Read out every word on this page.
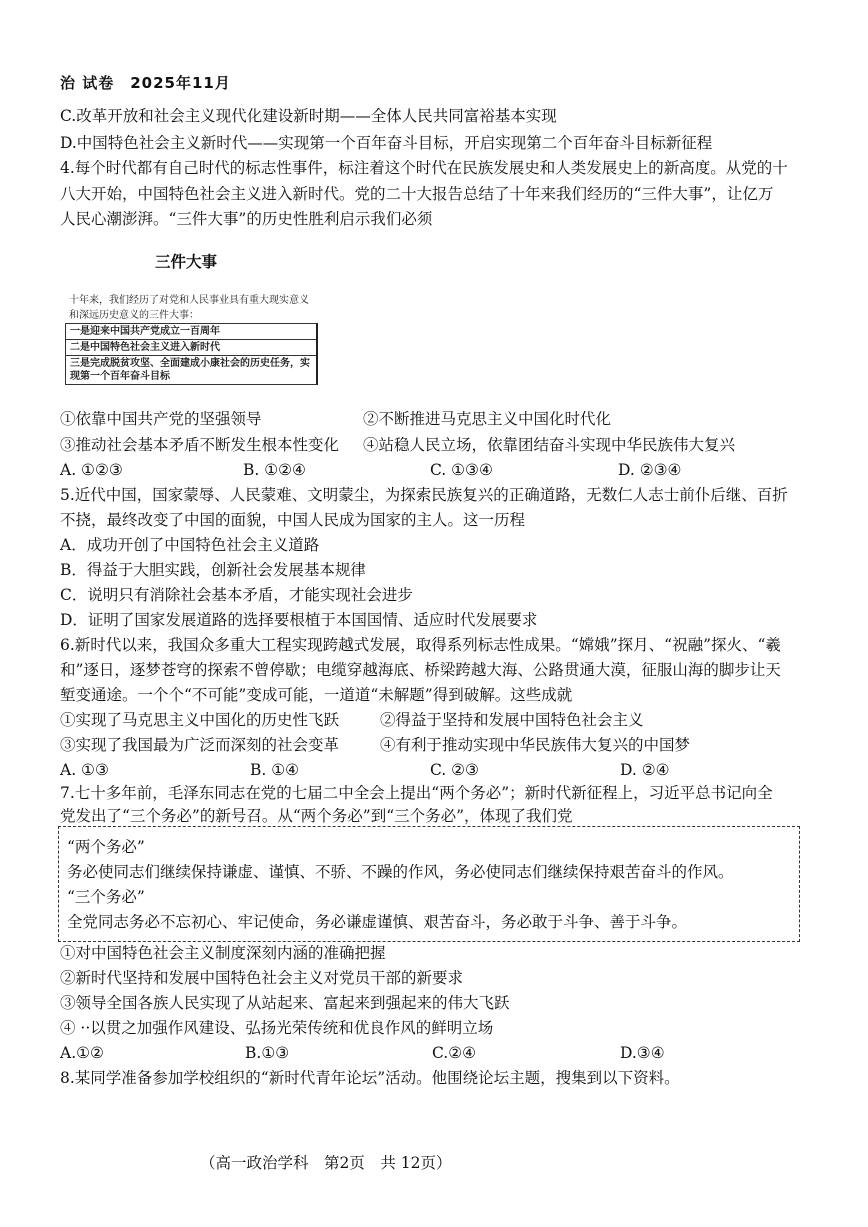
治 试卷　2025年11月
C.改革开放和社会主义现代化建设新时期——全体人民共同富裕基本实现
D.中国特色社会主义新时代——实现第一个百年奋斗目标，开启实现第二个百年奋斗目标新征程
4.每个时代都有自己时代的标志性事件，标注着这个时代在民族发展史和人类发展史上的新高度。从党的十
八大开始，中国特色社会主义进入新时代。党的二十大报告总结了十年来我们经历的“三件大事”，让亿万
人民心潮澎湃。“三件大事”的历史性胜利启示我们必须
三件大事
十年来，我们经历了对党和人民事业具有重大现实意义和深远历史意义的三件大事：
一是迎来中国共产党成立一百周年
二是中国特色社会主义进入新时代
三是完成脱贫攻坚、全面建成小康社会的历史任务，实现第一个百年奋斗目标
①依靠中国共产党的坚强领导	②不断推进马克思主义中国化时代化
③推动社会基本矛盾不断发生根本性变化 ④站稳人民立场，依靠团结奋斗实现中华民族伟大复兴
A. ①②③	B. ①②④	C. ①③④	D. ②③④
5.近代中国，国家蒙辱、人民蒙难、文明蒙尘，为探索民族复兴的正确道路，无数仁人志士前仆后继、百折
不挠，最终改变了中国的面貌，中国人民成为国家的主人。这一历程
A．成功开创了中国特色社会主义道路
B．得益于大胆实践，创新社会发展基本规律
C．说明只有消除社会基本矛盾，才能实现社会进步
D．证明了国家发展道路的选择要根植于本国国情、适应时代发展要求
6.新时代以来，我国众多重大工程实现跨越式发展，取得系列标志性成果。“嫦娥”探月、“祝融”探火、“羲
和”逐日，逐梦苍穹的探索不曾停歇；电缆穿越海底、桥梁跨越大海、公路贯通大漠，征服山海的脚步让天
堑变通途。一个个“不可能”变成可能，一道道“未解题”得到破解。这些成就
①实现了马克思主义中国化的历史性飞跃	②得益于坚持和发展中国特色社会主义
③实现了我国最为广泛而深刻的社会变革	④有利于推动实现中华民族伟大复兴的中国梦
A. ①③	B. ①④	C. ②③	D. ②④
7.七十多年前，毛泽东同志在党的七届二中全会上提出“两个务必”；新时代新征程上，习近平总书记向全
党发出了“三个务必”的新号召。从“两个务必”到“三个务必”，体现了我们党
“两个务必”
务必使同志们继续保持谦虚、谨慎、不骄、不躁的作风，务必使同志们继续保持艰苦奋斗的作风。
“三个务必”
全党同志务必不忘初心、牢记使命，务必谦虚谨慎、艰苦奋斗，务必敢于斗争、善于斗争。
①对中国特色社会主义制度深刻内涵的准确把握
②新时代坚持和发展中国特色社会主义对党员干部的新要求
③领导全国各族人民实现了从站起来、富起来到强起来的伟大飞跃
④ ··以贯之加强作风建设、弘扬光荣传统和优良作风的鲜明立场
A.①②	B.①③	C.②④	D.③④
8.某同学准备参加学校组织的“新时代青年论坛”活动。他围绕论坛主题，搜集到以下资料。
（高一政治学科　第2页　共 12页）
